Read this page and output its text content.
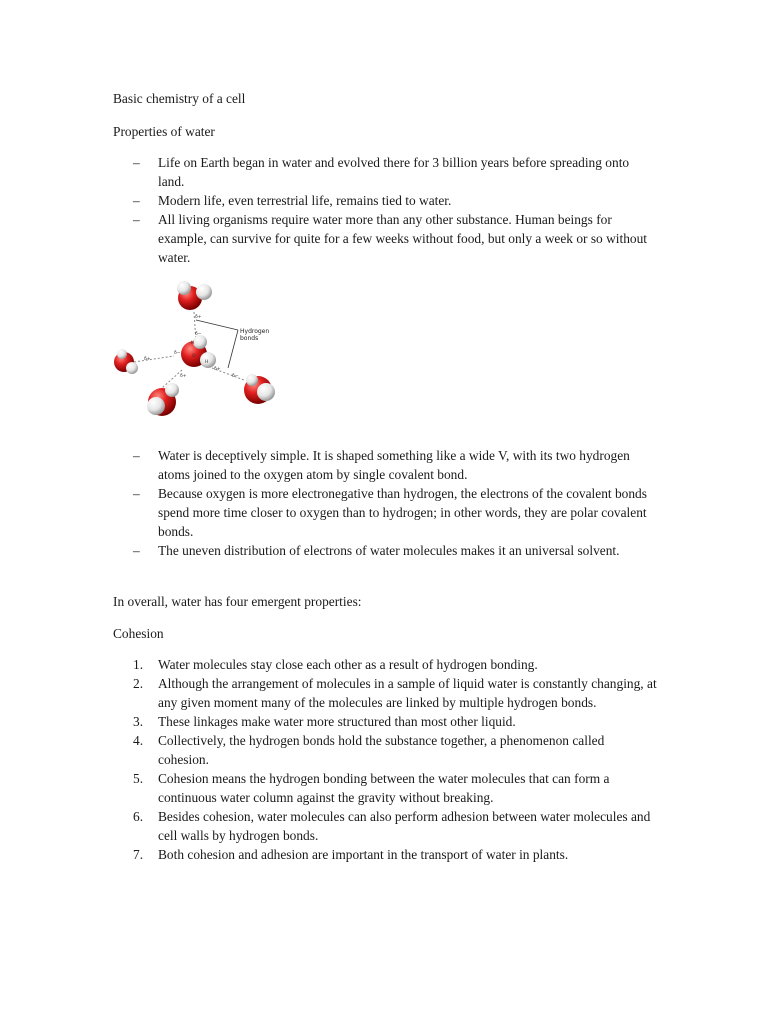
Basic chemistry of a cell

Properties of water

–	Life on Earth began in water and evolved there for 3 billion years before spreading onto land.
–	Modern life, even terrestrial life, remains tied to water.
–	All living organisms require water more than any other substance. Human beings for example, can survive for quite for a few weeks without food, but only a week or so without water.
δ+
δ−
δ+
δ−
δ+
δ+
δ−
H
O
H
Hydrogen
bonds
–	Water is deceptively simple. It is shaped something like a wide V, with its two hydrogen atoms joined to the oxygen atom by single covalent bond.
–	Because oxygen is more electronegative than hydrogen, the electrons of the covalent bonds spend more time closer to oxygen than to hydrogen; in other words, they are polar covalent bonds.
–	The uneven distribution of electrons of water molecules makes it an universal solvent.

In overall, water has four emergent properties:

Cohesion

1.	Water molecules stay close each other as a result of hydrogen bonding.
2.	Although the arrangement of molecules in a sample of liquid water is constantly changing, at any given moment many of the molecules are linked by multiple hydrogen bonds.
3.	These linkages make water more structured than most other liquid.
4.	Collectively, the hydrogen bonds hold the substance together, a phenomenon called cohesion.
5.	Cohesion means the hydrogen bonding between the water molecules that can form a continuous water column against the gravity without breaking.
6.	Besides cohesion, water molecules can also perform adhesion between water molecules and cell walls by hydrogen bonds.
7.	Both cohesion and adhesion are important in the transport of water in plants.
